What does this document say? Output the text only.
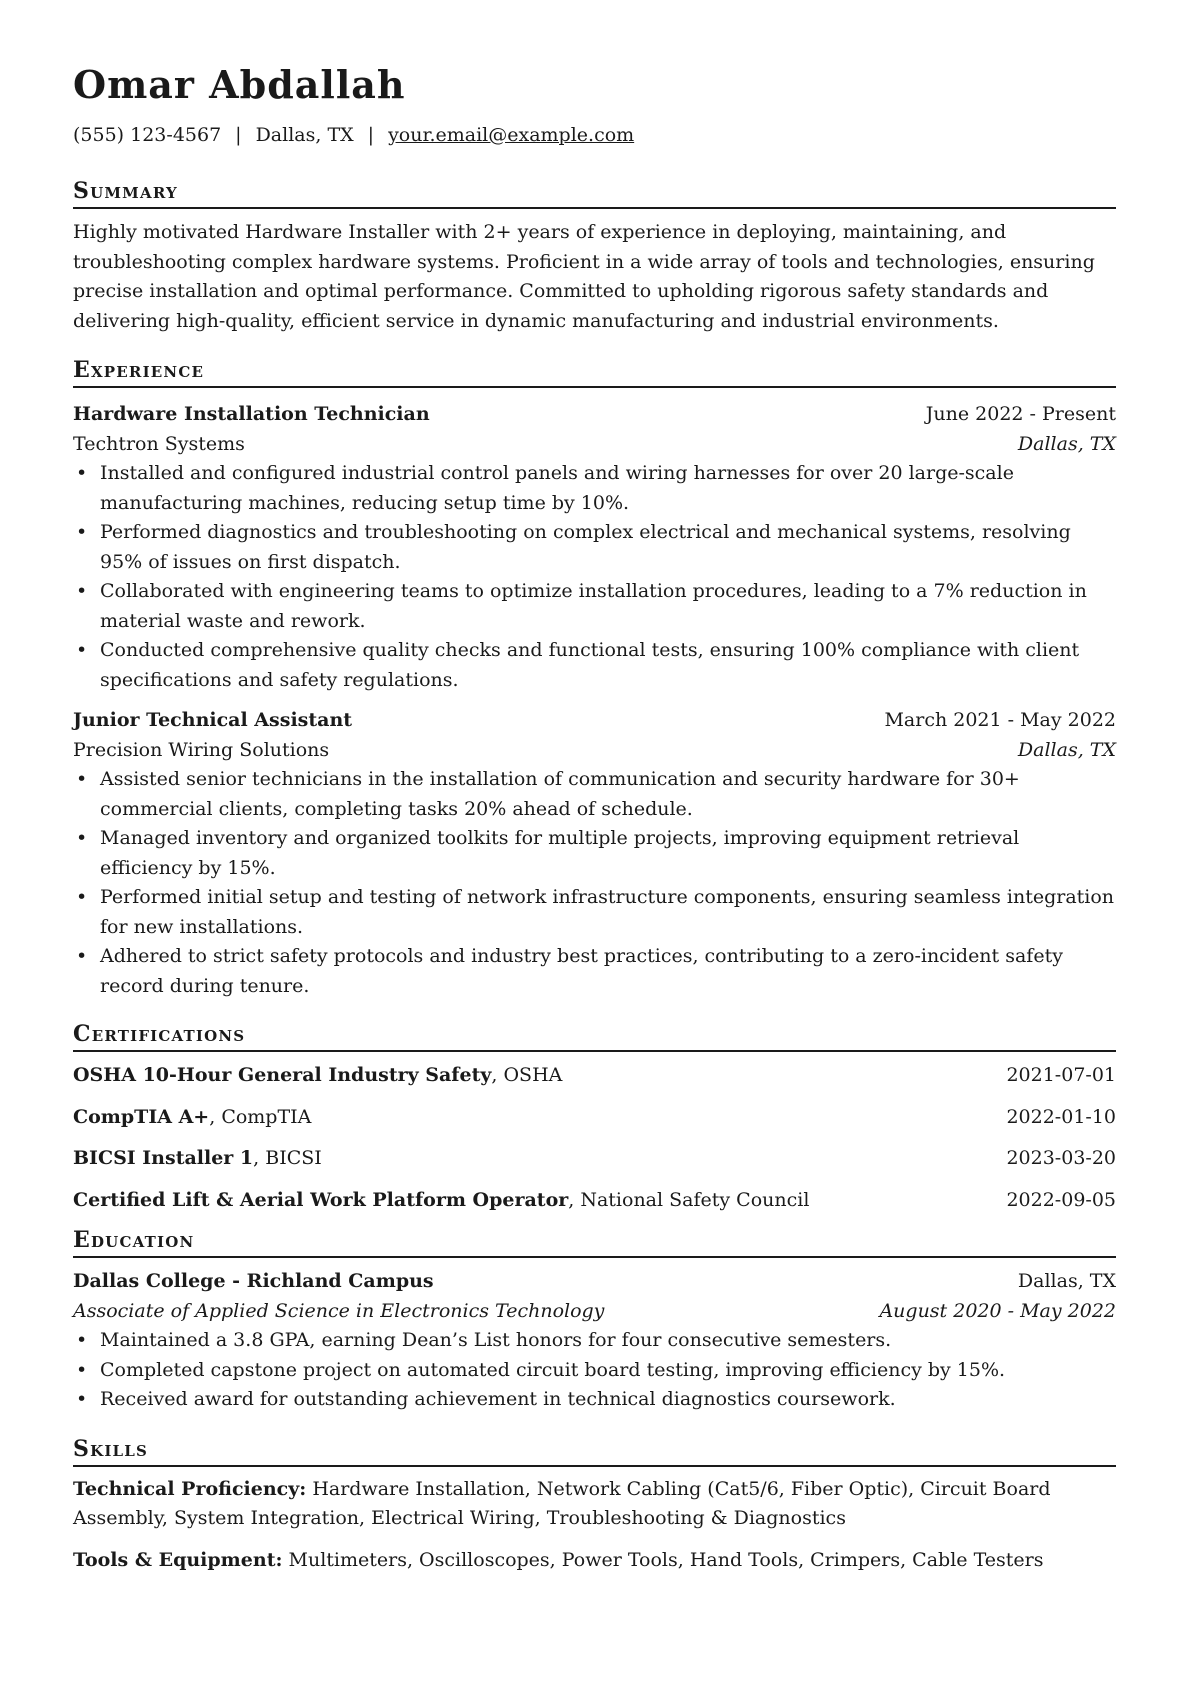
Omar Abdallah
(555) 123-4567 | Dallas, TX | your.email@example.com
Summary
Highly motivated Hardware Installer with 2+ years of experience in deploying, maintaining, and troubleshooting complex hardware systems. Proficient in a wide array of tools and technologies, ensuring precise installation and optimal performance. Committed to upholding rigorous safety standards and delivering high-quality, efficient service in dynamic manufacturing and industrial environments.
Experience
Hardware Installation Technician	June 2022 - Present
Techtron Systems	Dallas, TX
• Installed and configured industrial control panels and wiring harnesses for over 20 large-scale manufacturing machines, reducing setup time by 10%.
• Performed diagnostics and troubleshooting on complex electrical and mechanical systems, resolving 95% of issues on first dispatch.
• Collaborated with engineering teams to optimize installation procedures, leading to a 7% reduction in material waste and rework.
• Conducted comprehensive quality checks and functional tests, ensuring 100% compliance with client specifications and safety regulations.
Junior Technical Assistant	March 2021 - May 2022
Precision Wiring Solutions	Dallas, TX
• Assisted senior technicians in the installation of communication and security hardware for 30+ commercial clients, completing tasks 20% ahead of schedule.
• Managed inventory and organized toolkits for multiple projects, improving equipment retrieval efficiency by 15%.
• Performed initial setup and testing of network infrastructure components, ensuring seamless integration for new installations.
• Adhered to strict safety protocols and industry best practices, contributing to a zero-incident safety record during tenure.
Certifications
OSHA 10-Hour General Industry Safety, OSHA	2021-07-01
CompTIA A+, CompTIA	2022-01-10
BICSI Installer 1, BICSI	2023-03-20
Certified Lift & Aerial Work Platform Operator, National Safety Council	2022-09-05
Education
Dallas College - Richland Campus	Dallas, TX
Associate of Applied Science in Electronics Technology	August 2020 - May 2022
• Maintained a 3.8 GPA, earning Dean’s List honors for four consecutive semesters.
• Completed capstone project on automated circuit board testing, improving efficiency by 15%.
• Received award for outstanding achievement in technical diagnostics coursework.
Skills
Technical Proficiency: Hardware Installation, Network Cabling (Cat5/6, Fiber Optic), Circuit Board Assembly, System Integration, Electrical Wiring, Troubleshooting & Diagnostics
Tools & Equipment: Multimeters, Oscilloscopes, Power Tools, Hand Tools, Crimpers, Cable Testers
